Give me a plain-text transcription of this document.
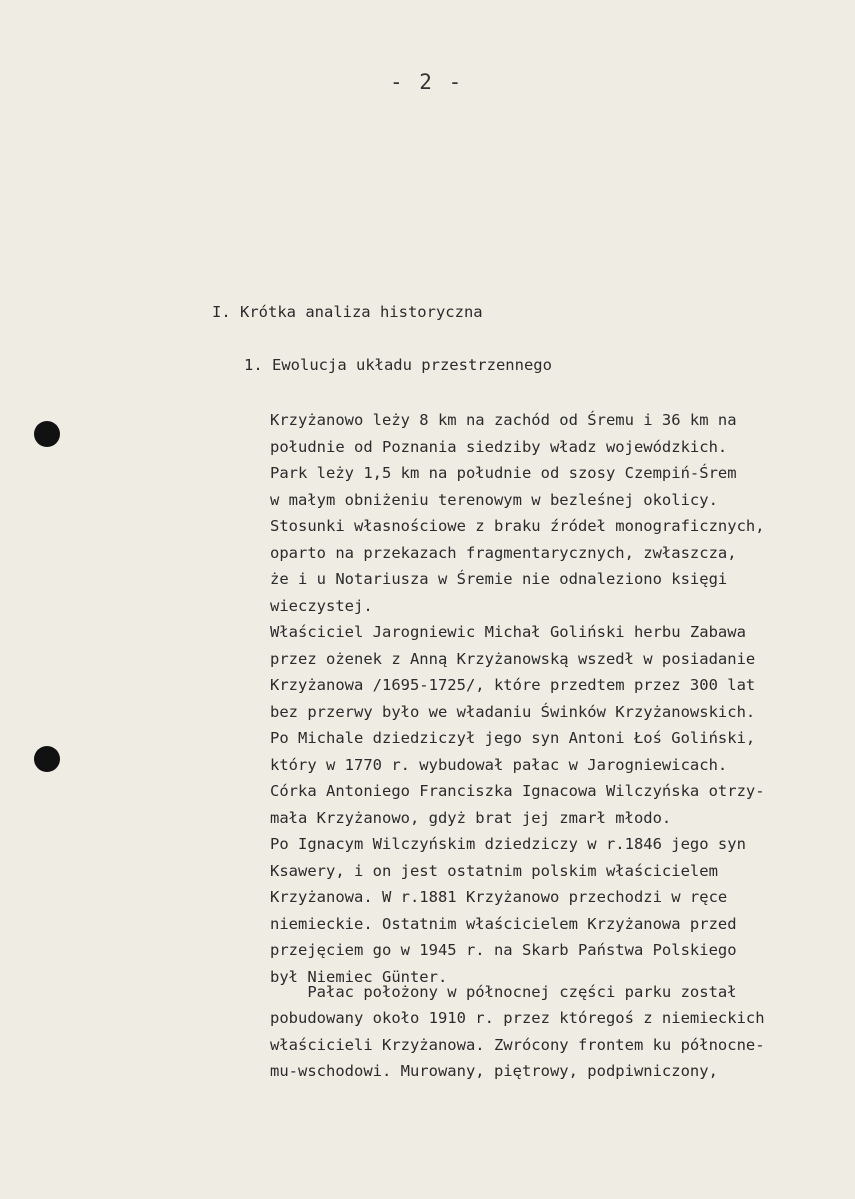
- 2 -
I. Krótka analiza historyczna
1. Ewolucja układu przestrzennego
Krzyżanowo leży 8 km na zachód od Śremu i 36 km na
południe od Poznania siedziby władz wojewódzkich.
Park leży 1,5 km na południe od szosy Czempiń-Śrem
w małym obniżeniu terenowym w bezleśnej okolicy.
Stosunki własnościowe z braku źródeł monograficznych,
oparto na przekazach fragmentarycznych, zwłaszcza,
że i u Notariusza w Śremie nie odnaleziono księgi
wieczystej.
Właściciel Jarogniewic Michał Goliński herbu Zabawa
przez ożenek z Anną Krzyżanowską wszedł w posiadanie
Krzyżanowa /1695-1725/, które przedtem przez 300 lat
bez przerwy było we władaniu Świnków Krzyżanowskich.
Po Michale dziedziczył jego syn Antoni Łoś Goliński,
który w 1770 r. wybudował pałac w Jarogniewicach.
Córka Antoniego Franciszka Ignacowa Wilczyńska otrzy-
mała Krzyżanowo, gdyż brat jej zmarł młodo.
Po Ignacym Wilczyńskim dziedziczy w r.1846 jego syn
Ksawery, i on jest ostatnim polskim właścicielem
Krzyżanowa. W r.1881 Krzyżanowo przechodzi w ręce
niemieckie. Ostatnim właścicielem Krzyżanowa przed
przejęciem go w 1945 r. na Skarb Państwa Polskiego
był Niemiec Günter.
Pałac położony w północnej części parku został
pobudowany około 1910 r. przez któregoś z niemieckich
właścicieli Krzyżanowa. Zwrócony frontem ku północne-
mu-wschodowi. Murowany, piętrowy, podpiwniczony,
